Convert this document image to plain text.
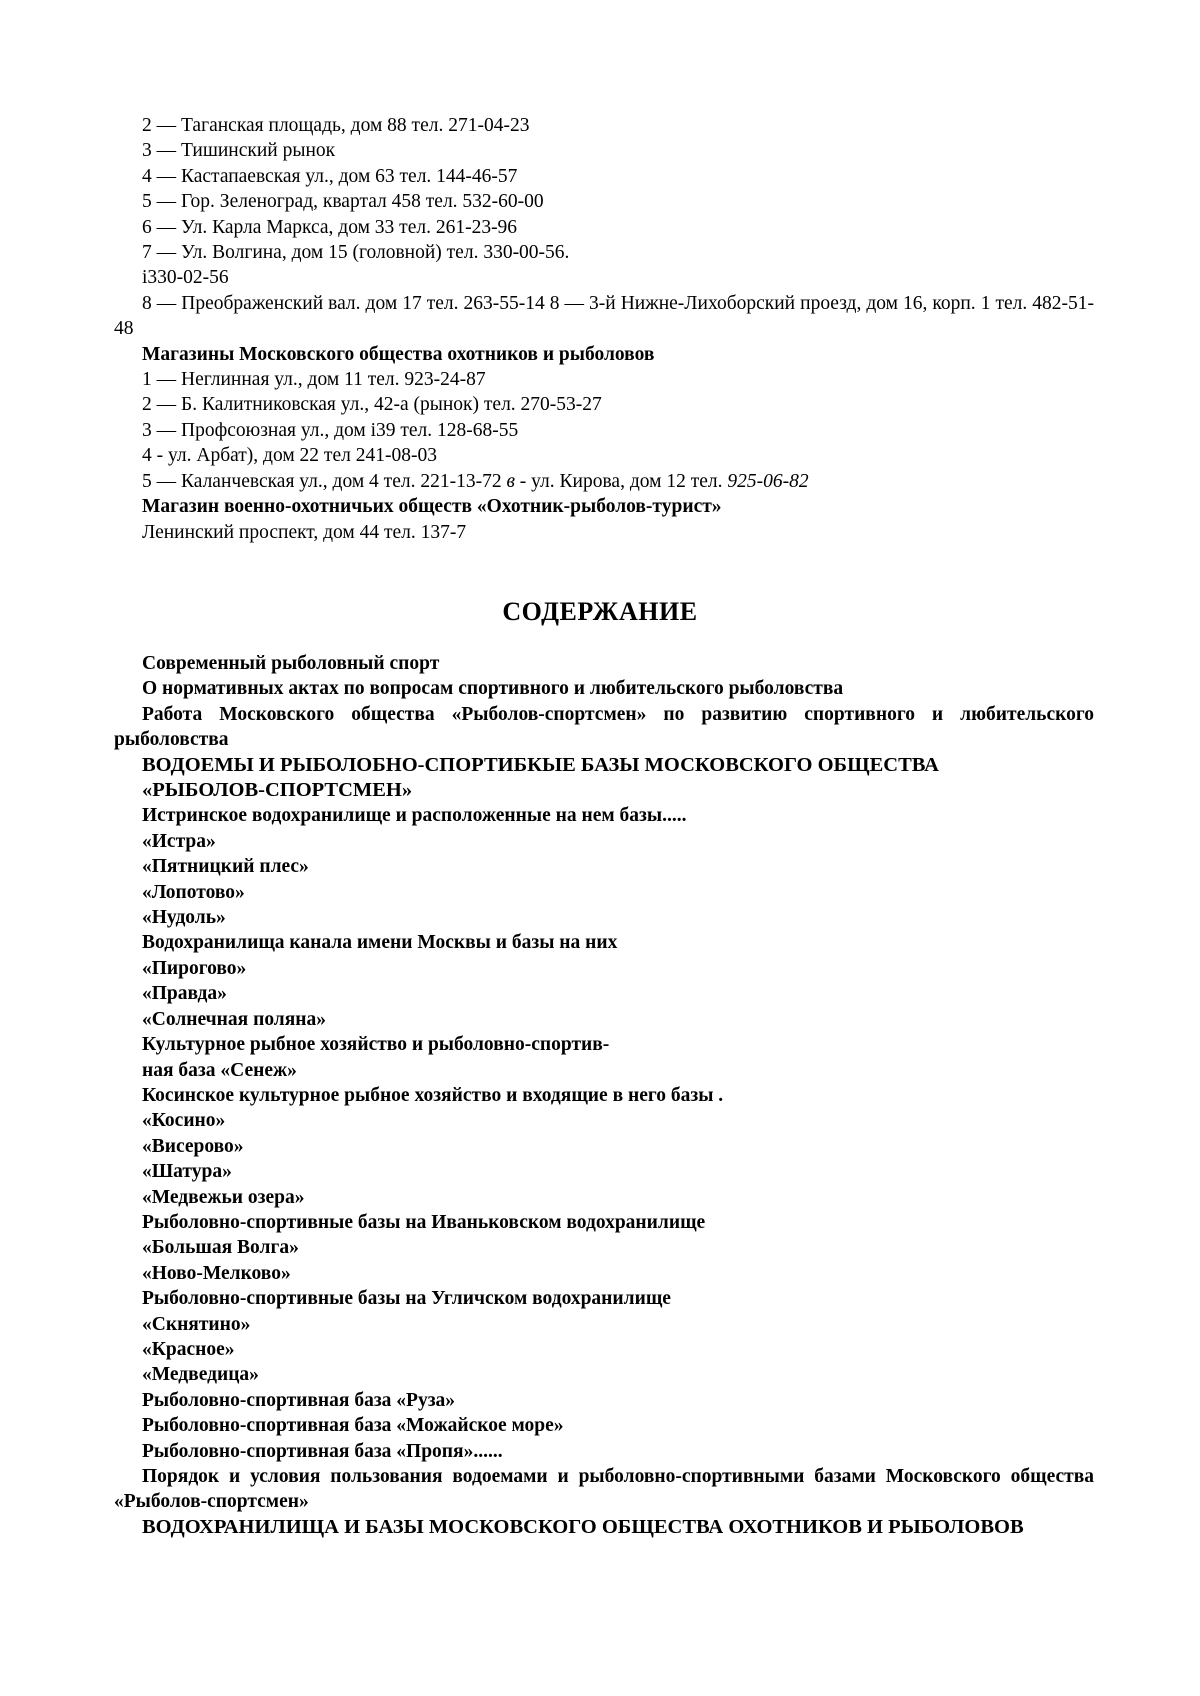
2 — Таганская площадь, дом 88 тел. 271-04-23
3 — Тишинский рынок
4 — Кастапаевская ул., дом 63 тел. 144-46-57
5 — Гор. Зеленоград, квартал 458 тел. 532-60-00
6 — Ул. Карла Маркса, дом 33 тел. 261-23-96
7 — Ул. Волгина, дом 15 (головной) тел. 330-00-56.
i330-02-56
8 — Преображенский вал. дом 17 тел. 263-55-14 8 — 3-й Нижне-Лихоборский проезд, дом 16, корп. 1 тел. 482-51-48
Магазины Московского общества охотников и рыболовов
1 — Неглинная ул., дом 11 тел. 923-24-87
2 — Б. Калитниковская ул., 42-а (рынок) тел. 270-53-27
3 — Профсоюзная ул., дом i39 тел. 128-68-55
4 - ул. Арбат), дом 22 тел 241-08-03
5 — Каланчевская ул., дом 4 тел. 221-13-72 в - ул. Кирова, дом 12 тел. 925-06-82
Магазин военно-охотничьих обществ «Охотник-рыболов-турист»
Ленинский проспект, дом 44 тел. 137-7
СОДЕРЖАНИЕ
Современный рыболовный спорт
О нормативных актах по вопросам спортивного и любительского рыболовства
Работа Московского общества «Рыболов-спортсмен» по развитию спортивного и любительского рыболовства
ВОДОЕМЫ И РЫБОЛОБНО-СПОРТИБКЫЕ БАЗЫ МОСКОВСКОГО ОБЩЕСТВА
«РЫБОЛОВ-СПОРТСМЕН»
Истринское водохранилище и расположенные на нем базы.....
«Истра»
«Пятницкий плес»
«Лопотово»
«Нудоль»
Водохранилища канала имени Москвы и базы на них
«Пирогово»
«Правда»
«Солнечная поляна»
Культурное рыбное хозяйство и рыболовно-спортив-
ная база «Сенеж»
Косинское культурное рыбное хозяйство и входящие в него базы .
«Косино»
«Висерово»
«Шатура»
«Медвежьи озера»
Рыболовно-спортивные базы на Иваньковском водохранилище
«Большая Волга»
«Ново-Мелково»
Рыболовно-спортивные базы на Угличском водохранилище
«Скнятино»
«Красное»
«Медведица»
Рыболовно-спортивная база «Руза»
Рыболовно-спортивная база «Можайское море»
Рыболовно-спортивная база «Пропя»......
Порядок и условия пользования водоемами и рыболовно-спортивными базами Московского общества «Рыболов-спортсмен»
ВОДОХРАНИЛИЩА И БАЗЫ МОСКОВСКОГО ОБЩЕСТВА ОХОТНИКОВ И РЫБОЛОВОВ
